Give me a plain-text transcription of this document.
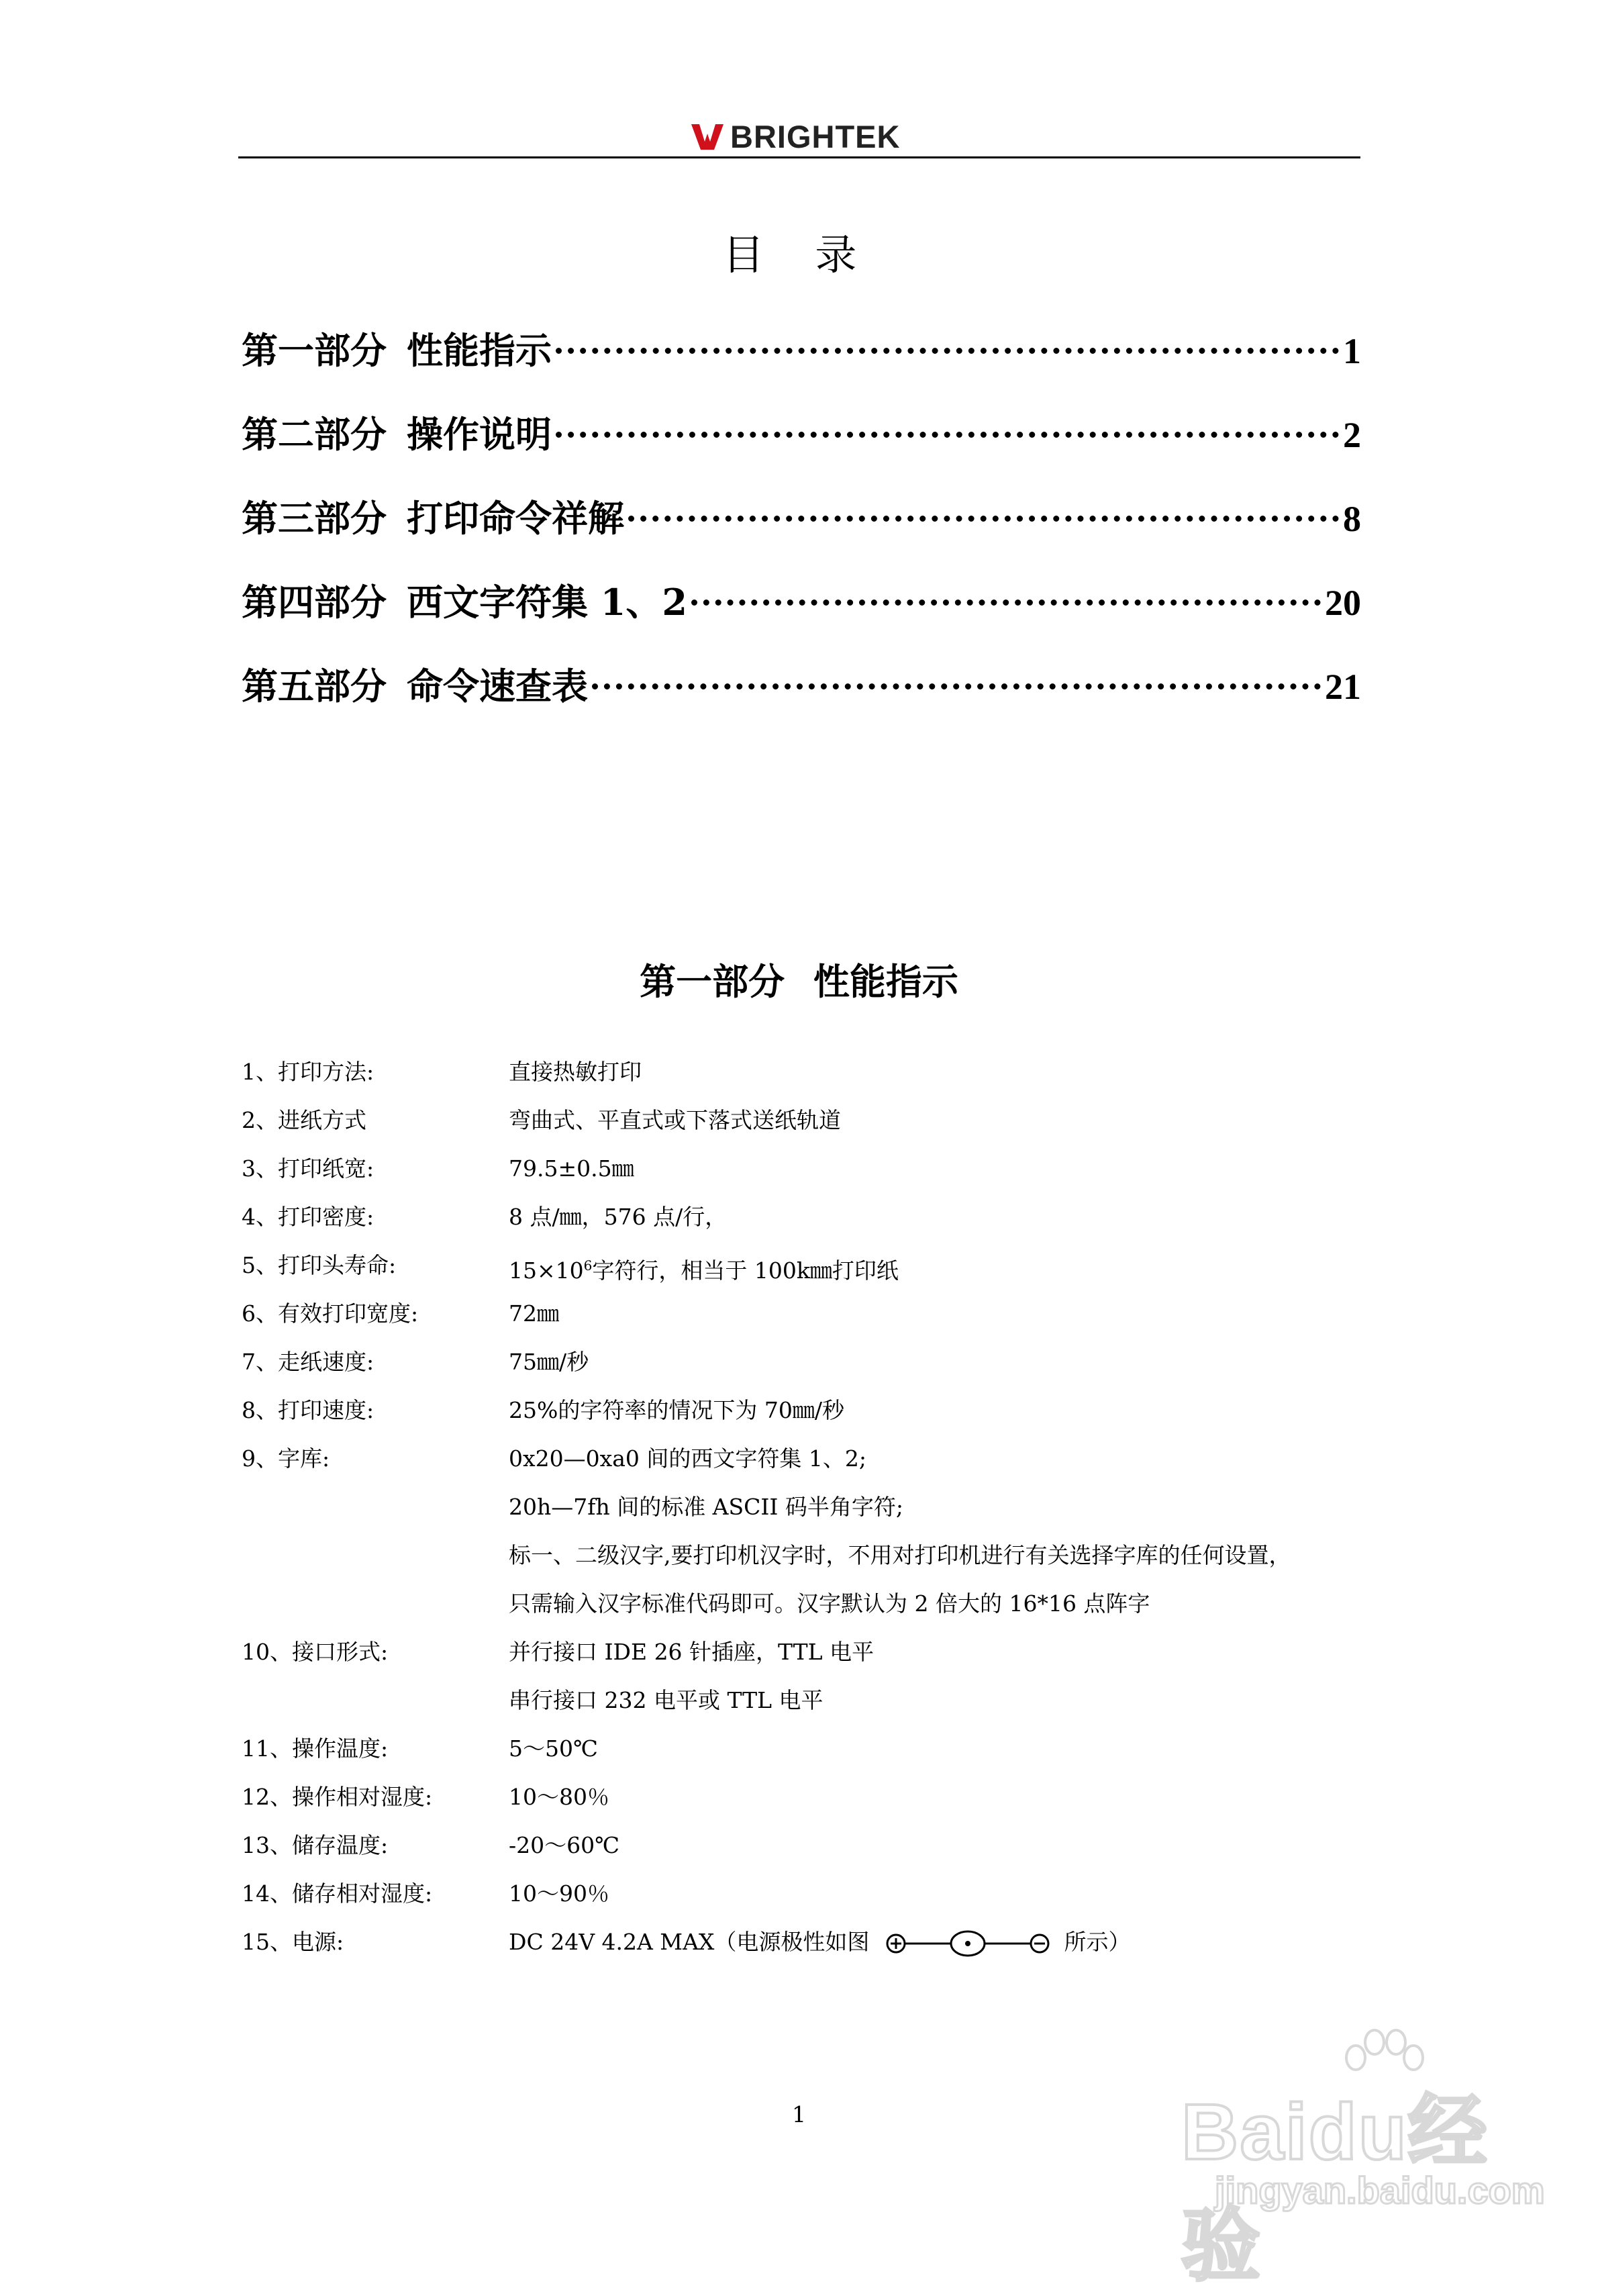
BRIGHTEK
目 录
第一部分 性能指示	1
第二部分 操作说明	2
第三部分 打印命令祥解	8
第四部分 西文字符集 1、2	20
第五部分 命令速查表	21
第一部分 性能指示
1、打印方法:	直接热敏打印
2、进纸方式	弯曲式、平直式或下落式送纸轨道
3、打印纸宽:	79.5±0.5㎜
4、打印密度:	8 点/㎜，576 点/行，
5、打印头寿命:	$15\times 10^6$字符行，相当于 100k㎜打印纸
6、有效打印宽度:	72㎜
7、走纸速度:	75㎜/秒
8、打印速度:	25%的字符率的情况下为 70㎜/秒
9、字库:	0x20—0xa0 间的西文字符集 1、2;
20h—7fh 间的标准 ASCII 码半角字符;
标一、二级汉字,要打印机汉字时，不用对打印机进行有关选择字库的任何设置，
只需输入汉字标准代码即可。汉字默认为 2 倍大的 16*16 点阵字
10、接口形式:	并行接口 IDE 26 针插座，TTL 电平
串行接口 232 电平或 TTL 电平
11、操作温度:	5～50℃
12、操作相对湿度:	10～80％
13、储存温度:	-20～60℃
14、储存相对湿度:	10～90％
15、电源:	DC 24V 4.2A MAX（电源极性如图	所示）
1	Baidu经验
jingyan.baidu.com
